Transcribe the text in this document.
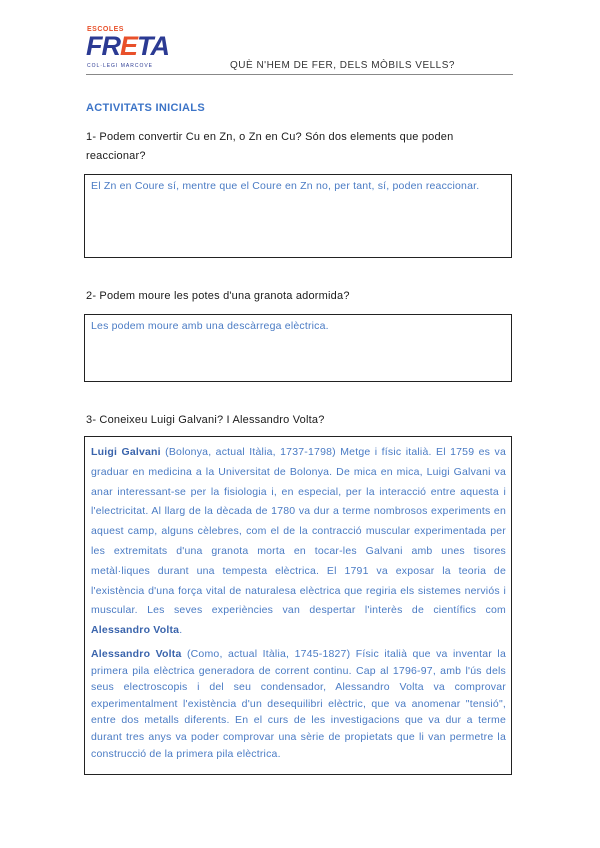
ESCOLES
FRETA
COL·LEGI MARCOVE	QUÈ N'HEM DE FER, DELS MÒBILS VELLS?
ACTIVITATS INICIALS
1- Podem convertir Cu en Zn, o Zn en Cu? Són dos elements que poden reaccionar?

El Zn en Coure sí, mentre que el Coure en Zn no, per tant, sí, poden reaccionar.

2- Podem moure les potes d'una granota adormida?

Les podem moure amb una descàrrega elèctrica.

3- Coneixeu Luigi Galvani? I Alessandro Volta?

Luigi Galvani (Bolonya, actual Itàlia, 1737-1798) Metge i físic italià. El 1759 es va graduar en medicina a la Universitat de Bolonya. De mica en mica, Luigi Galvani va anar interessant-se per la fisiologia i, en especial, per la interacció entre aquesta i l'electricitat. Al llarg de la dècada de 1780 va dur a terme nombrosos experiments en aquest camp, alguns cèlebres, com el de la contracció muscular experimentada per les extremitats d'una granota morta en tocar-les Galvani amb unes tisores metàl·liques durant una tempesta elèctrica. El 1791 va exposar la teoria de l'existència d'una força vital de naturalesa elèctrica que regiria els sistemes nerviós i muscular. Les seves experiències van despertar l'interès de científics com Alessandro Volta.

Alessandro Volta (Como, actual Itàlia, 1745-1827) Físic italià que va inventar la primera pila elèctrica generadora de corrent continu. Cap al 1796-97, amb l'ús dels seus electroscopis i del seu condensador, Alessandro Volta va comprovar experimentalment l'existència d'un desequilibri elèctric, que va anomenar "tensió", entre dos metalls diferents. En el curs de les investigacions que va dur a terme durant tres anys va poder comprovar una sèrie de propietats que li van permetre la construcció de la primera pila elèctrica.
